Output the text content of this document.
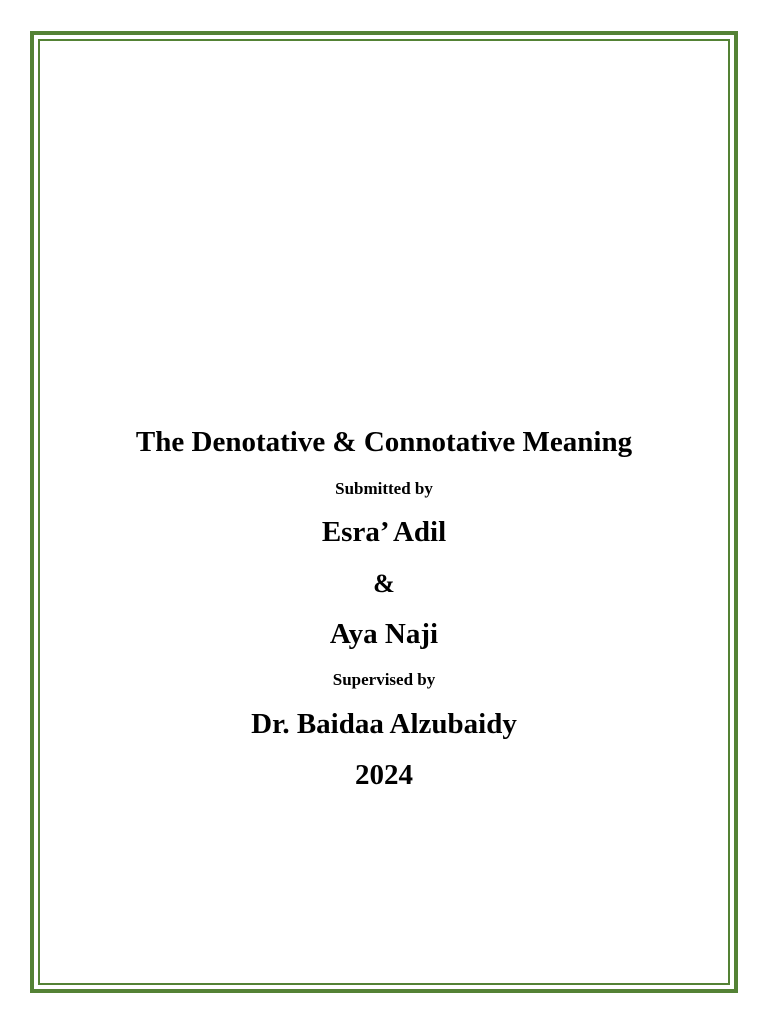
The Denotative & Connotative Meaning
Submitted by
Esra’ Adil
&
Aya Naji
Supervised by
Dr. Baidaa Alzubaidy
2024
